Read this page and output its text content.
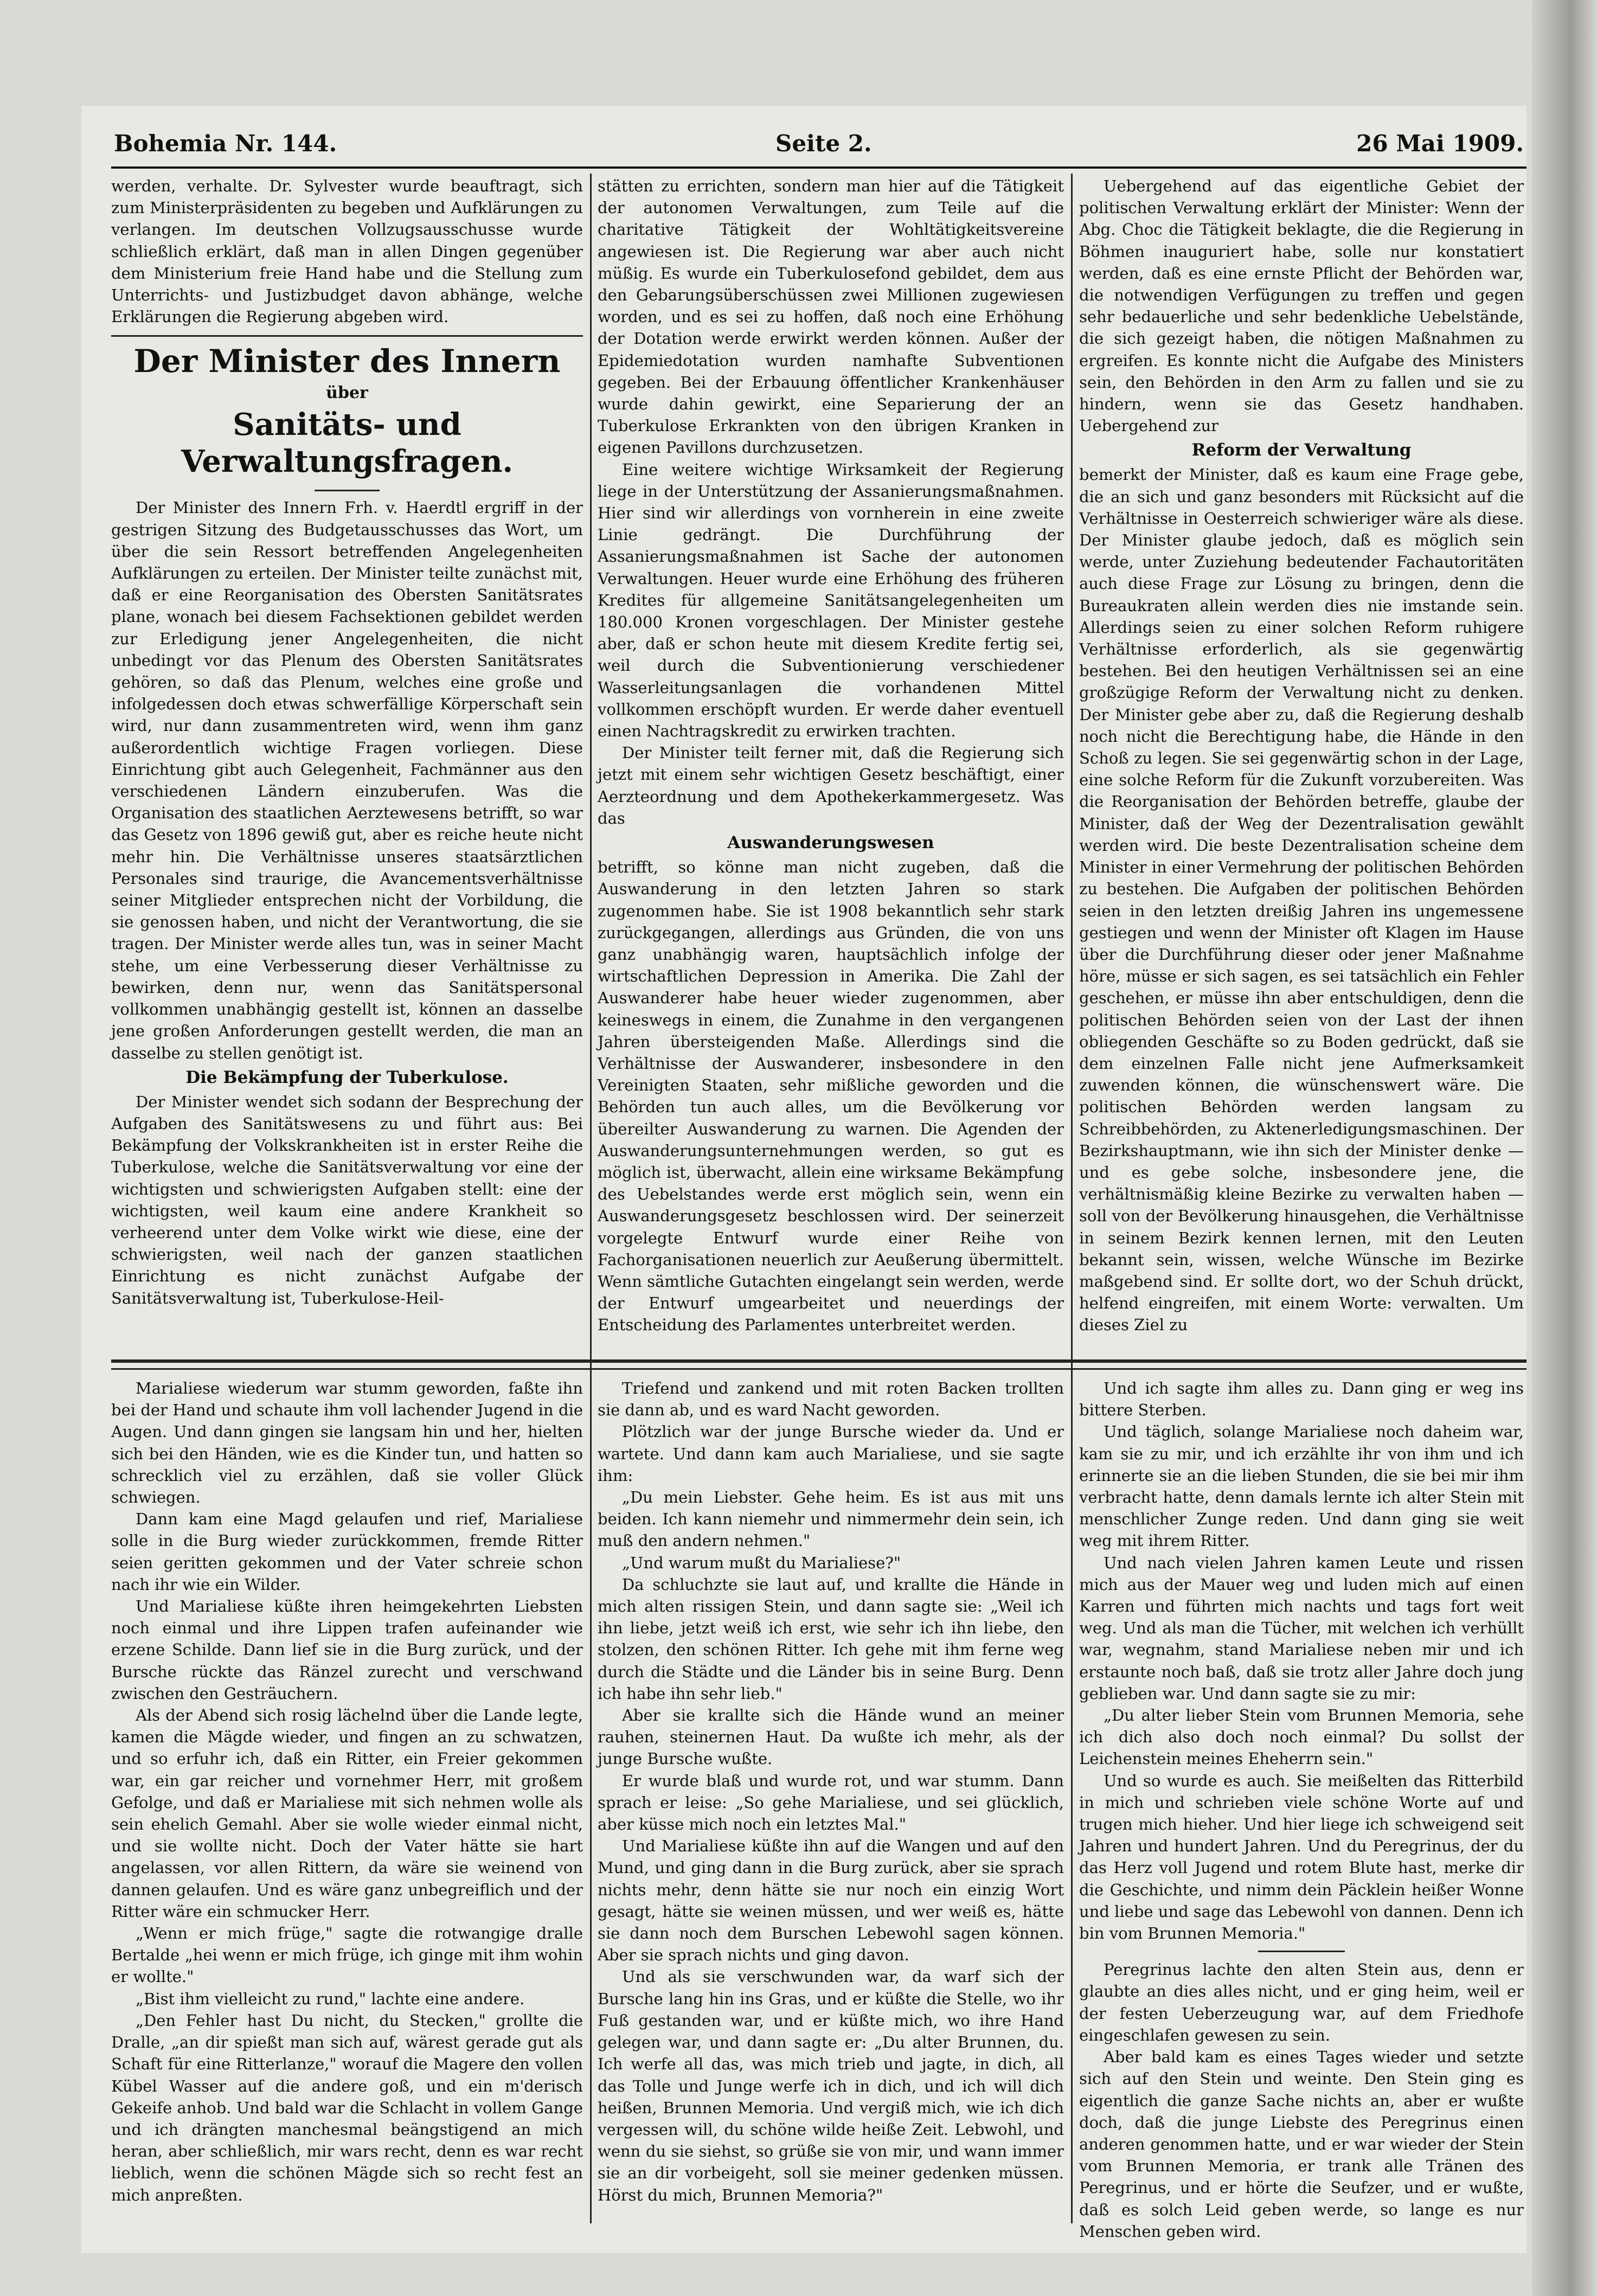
Bohemia Nr. 144.	Seite 2.	26 Mai 1909.

werden, verhalte. Dr. Sylvester wurde beauftragt, sich zum Ministerpräsidenten zu begeben und Aufklärungen zu verlangen. Im deutschen Vollzugsausschusse wurde schließlich erklärt, daß man in allen Dingen gegenüber dem Ministerium freie Hand habe und die Stellung zum Unterrichts- und Justizbudget davon abhänge, welche Erklärungen die Regierung abgeben wird.

Der Minister des Innern
über
Sanitäts- und Verwaltungsfragen.

Der Minister des Innern Frh. v. Haerdtl ergriff in der gestrigen Sitzung des Budgetausschusses das Wort, um über die sein Ressort betreffenden Angelegenheiten Aufklärungen zu erteilen. Der Minister teilte zunächst mit, daß er eine Reorganisation des Obersten Sanitätsrates plane, wonach bei diesem Fachsektionen gebildet werden zur Erledigung jener Angelegenheiten, die nicht unbedingt vor das Plenum des Obersten Sanitätsrates gehören, so daß das Plenum, welches eine große und infolgedessen doch etwas schwerfällige Körperschaft sein wird, nur dann zusammentreten wird, wenn ihm ganz außerordentlich wichtige Fragen vorliegen. Diese Einrichtung gibt auch Gelegenheit, Fachmänner aus den verschiedenen Ländern einzuberufen. Was die Organisation des staatlichen Aerztewesens betrifft, so war das Gesetz von 1896 gewiß gut, aber es reiche heute nicht mehr hin. Die Verhältnisse unseres staatsärztlichen Personales sind traurige, die Avancementsverhältnisse seiner Mitglieder entsprechen nicht der Vorbildung, die sie genossen haben, und nicht der Verantwortung, die sie tragen. Der Minister werde alles tun, was in seiner Macht stehe, um eine Verbesserung dieser Verhältnisse zu bewirken, denn nur, wenn das Sanitätspersonal vollkommen unabhängig gestellt ist, können an dasselbe jene großen Anforderungen gestellt werden, die man an dasselbe zu stellen genötigt ist.

Die Bekämpfung der Tuberkulose.

Der Minister wendet sich sodann der Besprechung der Aufgaben des Sanitätswesens zu und führt aus: Bei Bekämpfung der Volkskrankheiten ist in erster Reihe die Tuberkulose, welche die Sanitätsverwaltung vor eine der wichtigsten und schwierigsten Aufgaben stellt: eine der wichtigsten, weil kaum eine andere Krankheit so verheerend unter dem Volke wirkt wie diese, eine der schwierigsten, weil nach der ganzen staatlichen Einrichtung es nicht zunächst Aufgabe der Sanitätsverwaltung ist, Tuberkulose-Heil-

stätten zu errichten, sondern man hier auf die Tätigkeit der autonomen Verwaltungen, zum Teile auf die charitative Tätigkeit der Wohltätigkeitsvereine angewiesen ist. Die Regierung war aber auch nicht müßig. Es wurde ein Tuberkulosefond gebildet, dem aus den Gebarungsüberschüssen zwei Millionen zugewiesen worden, und es sei zu hoffen, daß noch eine Erhöhung der Dotation werde erwirkt werden können. Außer der Epidemiedotation wurden namhafte Subventionen gegeben. Bei der Erbauung öffentlicher Krankenhäuser wurde dahin gewirkt, eine Separierung der an Tuberkulose Erkrankten von den übrigen Kranken in eigenen Pavillons durchzusetzen.

Eine weitere wichtige Wirksamkeit der Regierung liege in der Unterstützung der Assanierungsmaßnahmen. Hier sind wir allerdings von vornherein in eine zweite Linie gedrängt. Die Durchführung der Assanierungsmaßnahmen ist Sache der autonomen Verwaltungen. Heuer wurde eine Erhöhung des früheren Kredites für allgemeine Sanitätsangelegenheiten um 180.000 Kronen vorgeschlagen. Der Minister gestehe aber, daß er schon heute mit diesem Kredite fertig sei, weil durch die Subventionierung verschiedener Wasserleitungsanlagen die vorhandenen Mittel vollkommen erschöpft wurden. Er werde daher eventuell einen Nachtragskredit zu erwirken trachten.

Der Minister teilt ferner mit, daß die Regierung sich jetzt mit einem sehr wichtigen Gesetz beschäftigt, einer Aerzteordnung und dem Apothekerkammergesetz. Was das

Auswanderungswesen

betrifft, so könne man nicht zugeben, daß die Auswanderung in den letzten Jahren so stark zugenommen habe. Sie ist 1908 bekanntlich sehr stark zurückgegangen, allerdings aus Gründen, die von uns ganz unabhängig waren, hauptsächlich infolge der wirtschaftlichen Depression in Amerika. Die Zahl der Auswanderer habe heuer wieder zugenommen, aber keineswegs in einem, die Zunahme in den vergangenen Jahren übersteigenden Maße. Allerdings sind die Verhältnisse der Auswanderer, insbesondere in den Vereinigten Staaten, sehr mißliche geworden und die Behörden tun auch alles, um die Bevölkerung vor übereilter Auswanderung zu warnen. Die Agenden der Auswanderungsunternehmungen werden, so gut es möglich ist, überwacht, allein eine wirksame Bekämpfung des Uebelstandes werde erst möglich sein, wenn ein Auswanderungsgesetz beschlossen wird. Der seinerzeit vorgelegte Entwurf wurde einer Reihe von Fachorganisationen neuerlich zur Aeußerung übermittelt. Wenn sämtliche Gutachten eingelangt sein werden, werde der Entwurf umgearbeitet und neuerdings der Entscheidung des Parlamentes unterbreitet werden.

Uebergehend auf das eigentliche Gebiet der politischen Verwaltung erklärt der Minister: Wenn der Abg. Choc die Tätigkeit beklagte, die die Regierung in Böhmen inauguriert habe, solle nur konstatiert werden, daß es eine ernste Pflicht der Behörden war, die notwendigen Verfügungen zu treffen und gegen sehr bedauerliche und sehr bedenkliche Uebelstände, die sich gezeigt haben, die nötigen Maßnahmen zu ergreifen. Es konnte nicht die Aufgabe des Ministers sein, den Behörden in den Arm zu fallen und sie zu hindern, wenn sie das Gesetz handhaben. Uebergehend zur

Reform der Verwaltung

bemerkt der Minister, daß es kaum eine Frage gebe, die an sich und ganz besonders mit Rücksicht auf die Verhältnisse in Oesterreich schwieriger wäre als diese. Der Minister glaube jedoch, daß es möglich sein werde, unter Zuziehung bedeutender Fachautoritäten auch diese Frage zur Lösung zu bringen, denn die Bureaukraten allein werden dies nie imstande sein. Allerdings seien zu einer solchen Reform ruhigere Verhältnisse erforderlich, als sie gegenwärtig bestehen. Bei den heutigen Verhältnissen sei an eine großzügige Reform der Verwaltung nicht zu denken. Der Minister gebe aber zu, daß die Regierung deshalb noch nicht die Berechtigung habe, die Hände in den Schoß zu legen. Sie sei gegenwärtig schon in der Lage, eine solche Reform für die Zukunft vorzubereiten. Was die Reorganisation der Behörden betreffe, glaube der Minister, daß der Weg der Dezentralisation gewählt werden wird. Die beste Dezentralisation scheine dem Minister in einer Vermehrung der politischen Behörden zu bestehen. Die Aufgaben der politischen Behörden seien in den letzten dreißig Jahren ins ungemessene gestiegen und wenn der Minister oft Klagen im Hause über die Durchführung dieser oder jener Maßnahme höre, müsse er sich sagen, es sei tatsächlich ein Fehler geschehen, er müsse ihn aber entschuldigen, denn die politischen Behörden seien von der Last der ihnen obliegenden Geschäfte so zu Boden gedrückt, daß sie dem einzelnen Falle nicht jene Aufmerksamkeit zuwenden können, die wünschenswert wäre. Die politischen Behörden werden langsam zu Schreibbehörden, zu Aktenerledigungsmaschinen. Der Bezirkshauptmann, wie ihn sich der Minister denke — und es gebe solche, insbesondere jene, die verhältnismäßig kleine Bezirke zu verwalten haben — soll von der Bevölkerung hinausgehen, die Verhältnisse in seinem Bezirk kennen lernen, mit den Leuten bekannt sein, wissen, welche Wünsche im Bezirke maßgebend sind. Er sollte dort, wo der Schuh drückt, helfend eingreifen, mit einem Worte: verwalten. Um dieses Ziel zu

Marialiese wiederum war stumm geworden, faßte ihn bei der Hand und schaute ihm voll lachender Jugend in die Augen. Und dann gingen sie langsam hin und her, hielten sich bei den Händen, wie es die Kinder tun, und hatten so schrecklich viel zu erzählen, daß sie voller Glück schwiegen.

Dann kam eine Magd gelaufen und rief, Marialiese solle in die Burg wieder zurückkommen, fremde Ritter seien geritten gekommen und der Vater schreie schon nach ihr wie ein Wilder.

Und Marialiese küßte ihren heimgekehrten Liebsten noch einmal und ihre Lippen trafen aufeinander wie erzene Schilde. Dann lief sie in die Burg zurück, und der Bursche rückte das Ränzel zurecht und verschwand zwischen den Gesträuchern.

Als der Abend sich rosig lächelnd über die Lande legte, kamen die Mägde wieder, und fingen an zu schwatzen, und so erfuhr ich, daß ein Ritter, ein Freier gekommen war, ein gar reicher und vornehmer Herr, mit großem Gefolge, und daß er Marialiese mit sich nehmen wolle als sein ehelich Gemahl. Aber sie wolle wieder einmal nicht, und sie wollte nicht. Doch der Vater hätte sie hart angelassen, vor allen Rittern, da wäre sie weinend von dannen gelaufen. Und es wäre ganz unbegreiflich und der Ritter wäre ein schmucker Herr.

„Wenn er mich früge," sagte die rotwangige dralle Bertalde „hei wenn er mich früge, ich ginge mit ihm wohin er wollte."

„Bist ihm vielleicht zu rund," lachte eine andere.

„Den Fehler hast Du nicht, du Stecken," grollte die Dralle, „an dir spießt man sich auf, wärest gerade gut als Schaft für eine Ritterlanze," worauf die Magere den vollen Kübel Wasser auf die andere goß, und ein m'derisch Gekeife anhob. Und bald war die Schlacht in vollem Gange und ich drängten manchesmal beängstigend an mich heran, aber schließlich, mir wars recht, denn es war recht lieblich, wenn die schönen Mägde sich so recht fest an mich anpreßten.

Triefend und zankend und mit roten Backen trollten sie dann ab, und es ward Nacht geworden.

Plötzlich war der junge Bursche wieder da. Und er wartete. Und dann kam auch Marialiese, und sie sagte ihm:

„Du mein Liebster. Gehe heim. Es ist aus mit uns beiden. Ich kann niemehr und nimmermehr dein sein, ich muß den andern nehmen."

„Und warum mußt du Marialiese?"

Da schluchzte sie laut auf, und krallte die Hände in mich alten rissigen Stein, und dann sagte sie: „Weil ich ihn liebe, jetzt weiß ich erst, wie sehr ich ihn liebe, den stolzen, den schönen Ritter. Ich gehe mit ihm ferne weg durch die Städte und die Länder bis in seine Burg. Denn ich habe ihn sehr lieb."

Aber sie krallte sich die Hände wund an meiner rauhen, steinernen Haut. Da wußte ich mehr, als der junge Bursche wußte.

Er wurde blaß und wurde rot, und war stumm. Dann sprach er leise: „So gehe Marialiese, und sei glücklich, aber küsse mich noch ein letztes Mal."

Und Marialiese küßte ihn auf die Wangen und auf den Mund, und ging dann in die Burg zurück, aber sie sprach nichts mehr, denn hätte sie nur noch ein einzig Wort gesagt, hätte sie weinen müssen, und wer weiß es, hätte sie dann noch dem Burschen Lebewohl sagen können. Aber sie sprach nichts und ging davon.

Und als sie verschwunden war, da warf sich der Bursche lang hin ins Gras, und er küßte die Stelle, wo ihr Fuß gestanden war, und er küßte mich, wo ihre Hand gelegen war, und dann sagte er: „Du alter Brunnen, du. Ich werfe all das, was mich trieb und jagte, in dich, all das Tolle und Junge werfe ich in dich, und ich will dich heißen, Brunnen Memoria. Und vergiß mich, wie ich dich vergessen will, du schöne wilde heiße Zeit. Lebwohl, und wenn du sie siehst, so grüße sie von mir, und wann immer sie an dir vorbeigeht, soll sie meiner gedenken müssen. Hörst du mich, Brunnen Memoria?"

Und ich sagte ihm alles zu. Dann ging er weg ins bittere Sterben.

Und täglich, solange Marialiese noch daheim war, kam sie zu mir, und ich erzählte ihr von ihm und ich erinnerte sie an die lieben Stunden, die sie bei mir ihm verbracht hatte, denn damals lernte ich alter Stein mit menschlicher Zunge reden. Und dann ging sie weit weg mit ihrem Ritter.

Und nach vielen Jahren kamen Leute und rissen mich aus der Mauer weg und luden mich auf einen Karren und führten mich nachts und tags fort weit weg. Und als man die Tücher, mit welchen ich verhüllt war, wegnahm, stand Marialiese neben mir und ich erstaunte noch baß, daß sie trotz aller Jahre doch jung geblieben war. Und dann sagte sie zu mir:

„Du alter lieber Stein vom Brunnen Memoria, sehe ich dich also doch noch einmal? Du sollst der Leichenstein meines Eheherrn sein."

Und so wurde es auch. Sie meißelten das Ritterbild in mich und schrieben viele schöne Worte auf und trugen mich hieher. Und hier liege ich schweigend seit Jahren und hundert Jahren. Und du Peregrinus, der du das Herz voll Jugend und rotem Blute hast, merke dir die Geschichte, und nimm dein Päcklein heißer Wonne und liebe und sage das Lebewohl von dannen. Denn ich bin vom Brunnen Memoria."

Peregrinus lachte den alten Stein aus, denn er glaubte an dies alles nicht, und er ging heim, weil er der festen Ueberzeugung war, auf dem Friedhofe eingeschlafen gewesen zu sein.

Aber bald kam es eines Tages wieder und setzte sich auf den Stein und weinte. Den Stein ging es eigentlich die ganze Sache nichts an, aber er wußte doch, daß die junge Liebste des Peregrinus einen anderen genommen hatte, und er war wieder der Stein vom Brunnen Memoria, er trank alle Tränen des Peregrinus, und er hörte die Seufzer, und er wußte, daß es solch Leid geben werde, so lange es nur Menschen geben wird.
